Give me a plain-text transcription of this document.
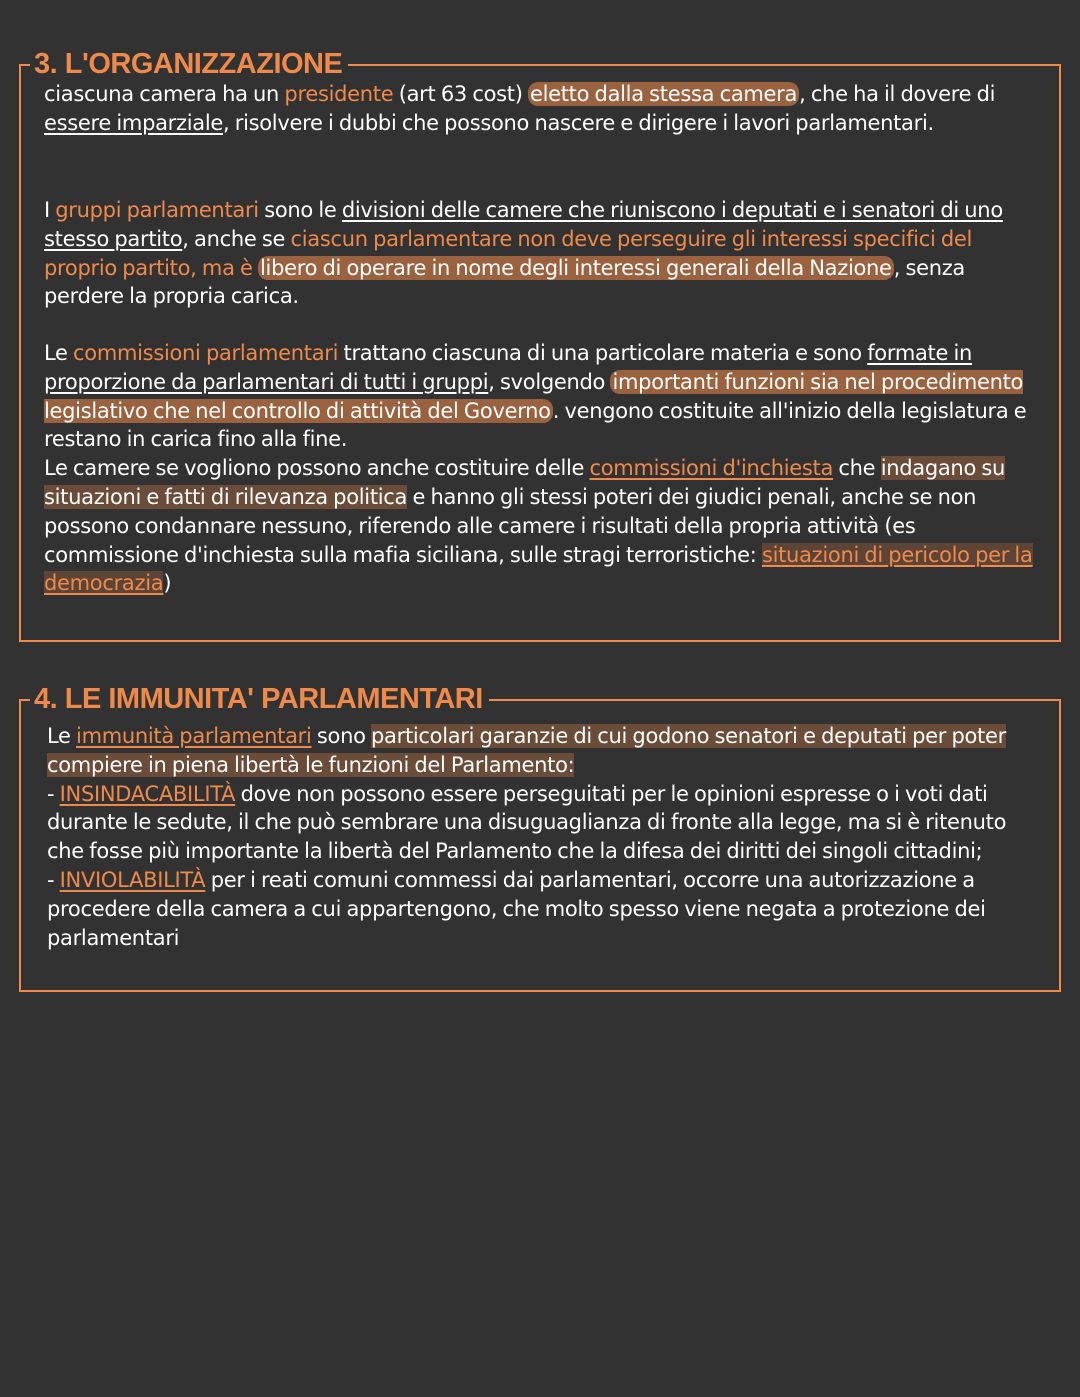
3. L'ORGANIZZAZIONE

ciascuna camera ha un presidente (art 63 cost) eletto dalla stessa camera, che ha il dovere di essere imparziale, risolvere i dubbi che possono nascere e dirigere i lavori parlamentari.

I gruppi parlamentari sono le divisioni delle camere che riuniscono i deputati e i senatori di uno stesso partito, anche se ciascun parlamentare non deve perseguire gli interessi specifici del proprio partito, ma è libero di operare in nome degli interessi generali della Nazione, senza perdere la propria carica.

Le commissioni parlamentari trattano ciascuna di una particolare materia e sono formate in proporzione da parlamentari di tutti i gruppi, svolgendo importanti funzioni sia nel procedimento legislativo che nel controllo di attività del Governo. vengono costituite all'inizio della legislatura e restano in carica fino alla fine.
Le camere se vogliono possono anche costituire delle commissioni d'inchiesta che indagano su situazioni e fatti di rilevanza politica e hanno gli stessi poteri dei giudici penali, anche se non possono condannare nessuno, riferendo alle camere i risultati della propria attività (es commissione d'inchiesta sulla mafia siciliana, sulle stragi terroristiche: situazioni di pericolo per la democrazia)

4. LE IMMUNITA' PARLAMENTARI

Le immunità parlamentari sono particolari garanzie di cui godono senatori e deputati per poter compiere in piena libertà le funzioni del Parlamento:
- INSINDACABILITÀ dove non possono essere perseguitati per le opinioni espresse o i voti dati durante le sedute, il che può sembrare una disuguaglianza di fronte alla legge, ma si è ritenuto che fosse più importante la libertà del Parlamento che la difesa dei diritti dei singoli cittadini;
- INVIOLABILITÀ per i reati comuni commessi dai parlamentari, occorre una autorizzazione a procedere della camera a cui appartengono, che molto spesso viene negata a protezione dei parlamentari
